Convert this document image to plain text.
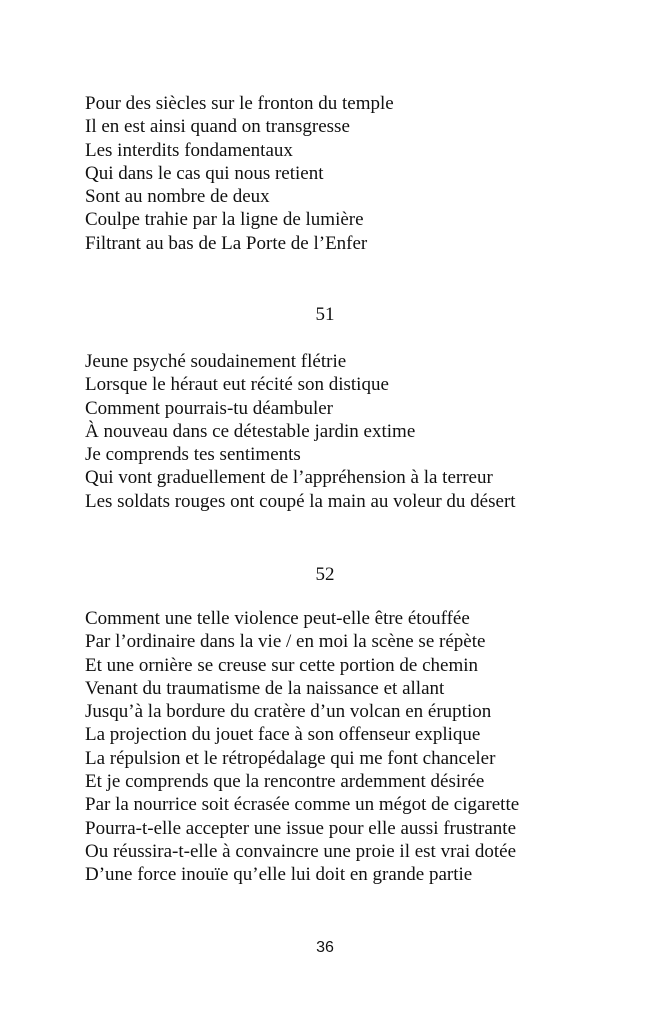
Pour des siècles sur le fronton du temple
Il en est ainsi quand on transgresse
Les interdits fondamentaux
Qui dans le cas qui nous retient
Sont au nombre de deux
Coulpe trahie par la ligne de lumière
Filtrant au bas de La Porte de l’Enfer
51
Jeune psyché soudainement flétrie
Lorsque le héraut eut récité son distique
Comment pourrais-tu déambuler
À nouveau dans ce détestable jardin extime
Je comprends tes sentiments
Qui vont graduellement de l’appréhension à la terreur
Les soldats rouges ont coupé la main au voleur du désert
52
Comment une telle violence peut-elle être étouffée
Par l’ordinaire dans la vie / en moi la scène se répète
Et une ornière se creuse sur cette portion de chemin
Venant du traumatisme de la naissance et allant
Jusqu’à la bordure du cratère d’un volcan en éruption
La projection du jouet face à son offenseur explique
La répulsion et le rétropédalage qui me font chanceler
Et je comprends que la rencontre ardemment désirée
Par la nourrice soit écrasée comme un mégot de cigarette
Pourra-t-elle accepter une issue pour elle aussi frustrante
Ou réussira-t-elle à convaincre une proie il est vrai dotée
D’une force inouïe qu’elle lui doit en grande partie
36
